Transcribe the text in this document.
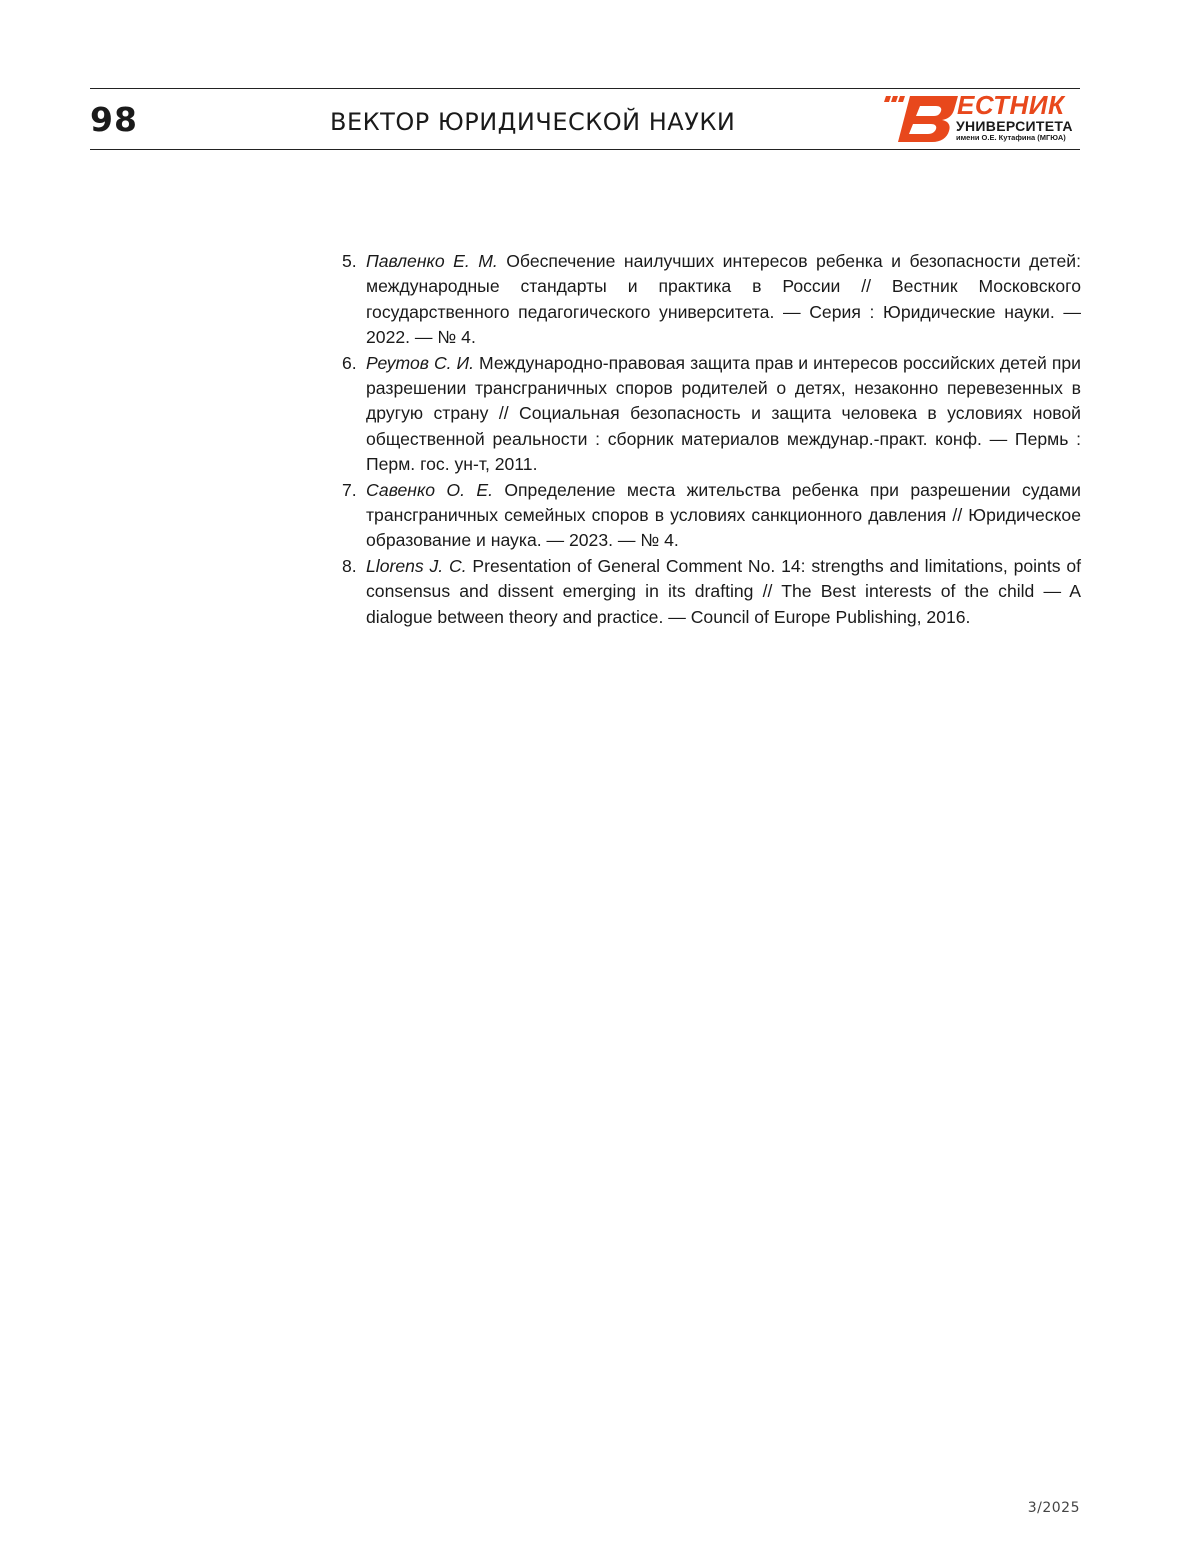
98	ВЕКТОР ЮРИДИЧЕСКОЙ НАУКИ
ЕСТНИК
УНИВЕРСИТЕТА
имени О.Е. Кутафина (МГЮА)
5. Павленко Е. М. Обеспечение наилучших интересов ребенка и безопасности детей: международные стандарты и практика в России // Вестник Московского государственного педагогического университета. — Серия : Юридические науки. — 2022. — № 4.
6. Реутов С. И. Международно-правовая защита прав и интересов российских детей при разрешении трансграничных споров родителей о детях, незаконно перевезенных в другую страну // Социальная безопасность и защита человека в условиях новой общественной реальности : сборник материалов междунар.-практ. конф. — Пермь : Перм. гос. ун-т, 2011.
7. Савенко О. Е. Определение места жительства ребенка при разрешении судами трансграничных семейных споров в условиях санкционного давления // Юридическое образование и наука. — 2023. — № 4.
8. Llorens J. C. Presentation of General Comment No. 14: strengths and limitations, points of consensus and dissent emerging in its drafting // The Best interests of the child — A dialogue between theory and practice. — Council of Europe Publishing, 2016.
3/2025
